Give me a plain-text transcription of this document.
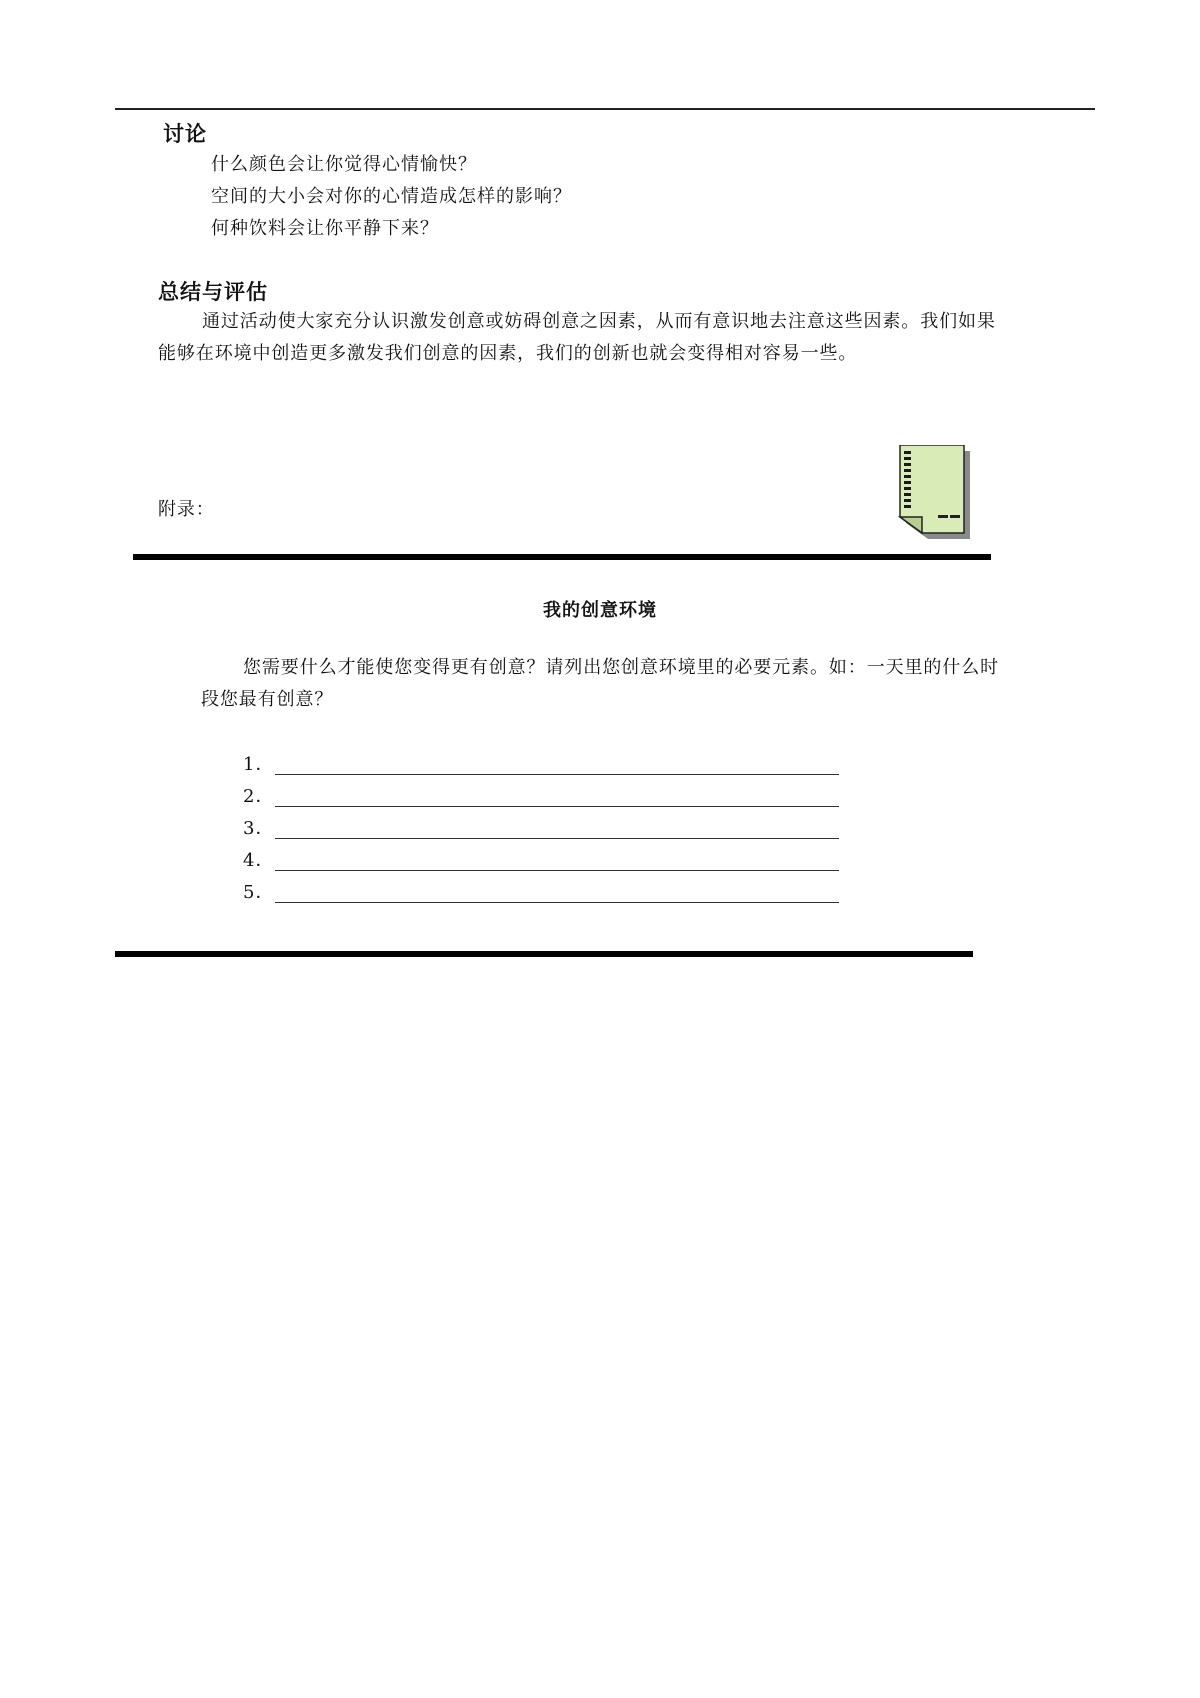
讨论
什么颜色会让你觉得心情愉快？
空间的大小会对你的心情造成怎样的影响？
何种饮料会让你平静下来？
总结与评估
通过活动使大家充分认识激发创意或妨碍创意之因素，从而有意识地去注意这些因素。我们如果
能够在环境中创造更多激发我们创意的因素，我们的创新也就会变得相对容易一些。
附录：
我的创意环境
您需要什么才能使您变得更有创意？请列出您创意环境里的必要元素。如：一天里的什么时
段您最有创意？
1．
2．
3．
4．
5．
